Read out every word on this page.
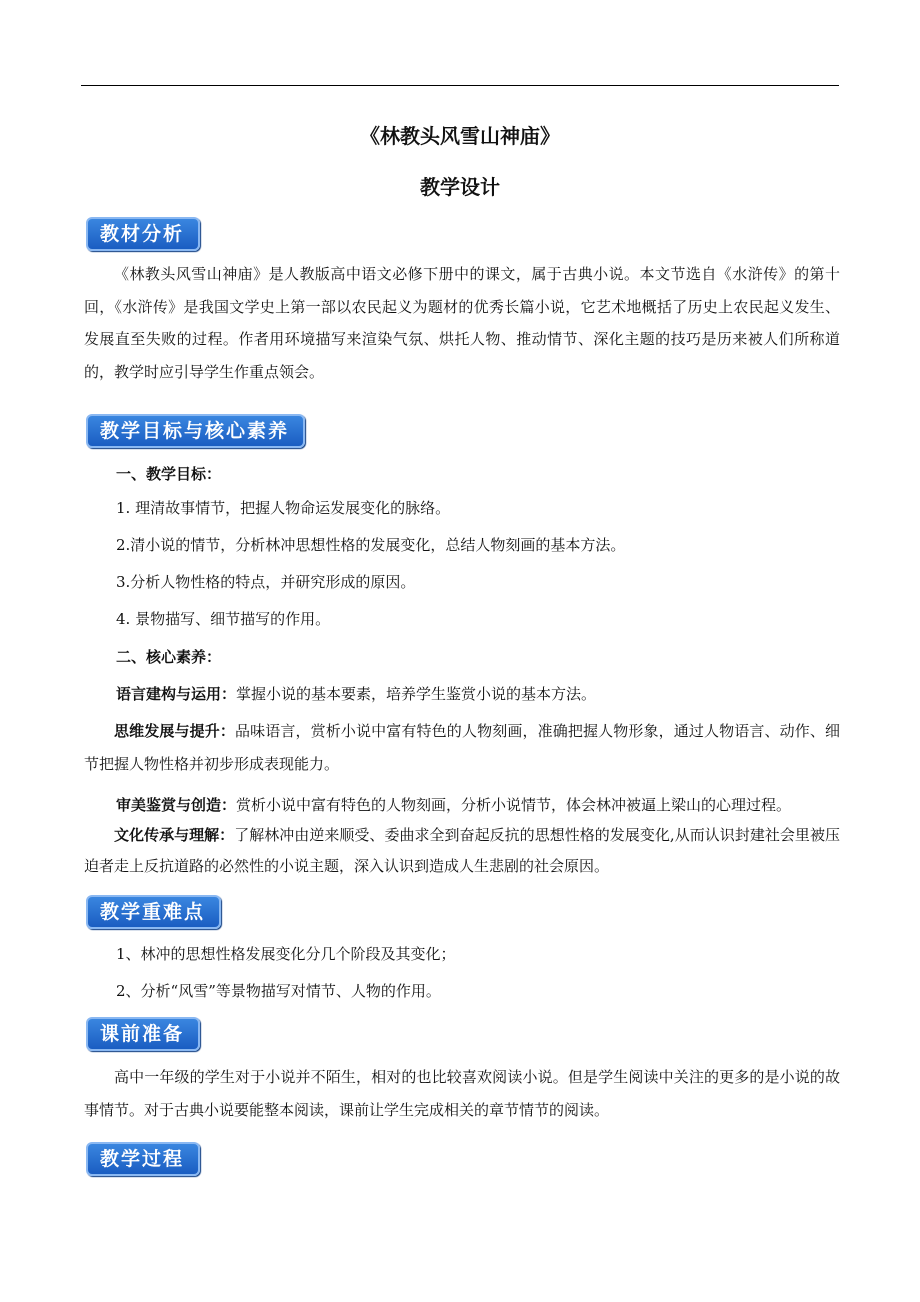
《林教头风雪山神庙》
教学设计
教材分析
《林教头风雪山神庙》是人教版高中语文必修下册中的课文，属于古典小说。本文节选自《水浒传》的第十回，《水浒传》是我国文学史上第一部以农民起义为题材的优秀长篇小说，它艺术地概括了历史上农民起义发生、发展直至失败的过程。作者用环境描写来渲染气氛、烘托人物、推动情节、深化主题的技巧是历来被人们所称道的，教学时应引导学生作重点领会。
教学目标与核心素养
一、教学目标：
1. 理清故事情节，把握人物命运发展变化的脉络。
2.清小说的情节，分析林冲思想性格的发展变化，总结人物刻画的基本方法。
3.分析人物性格的特点，并研究形成的原因。
4. 景物描写、细节描写的作用。
二、核心素养：
语言建构与运用：掌握小说的基本要素，培养学生鉴赏小说的基本方法。
思维发展与提升：品味语言，赏析小说中富有特色的人物刻画，准确把握人物形象，通过人物语言、动作、细节把握人物性格并初步形成表现能力。
审美鉴赏与创造：赏析小说中富有特色的人物刻画，分析小说情节，体会林冲被逼上梁山的心理过程。
文化传承与理解：了解林冲由逆来顺受、委曲求全到奋起反抗的思想性格的发展变化,从而认识封建社会里被压迫者走上反抗道路的必然性的小说主题，深入认识到造成人生悲剧的社会原因。
教学重难点
1、林冲的思想性格发展变化分几个阶段及其变化；
2、分析“风雪”等景物描写对情节、人物的作用。
课前准备
高中一年级的学生对于小说并不陌生，相对的也比较喜欢阅读小说。但是学生阅读中关注的更多的是小说的故事情节。对于古典小说要能整本阅读，课前让学生完成相关的章节情节的阅读。
教学过程
